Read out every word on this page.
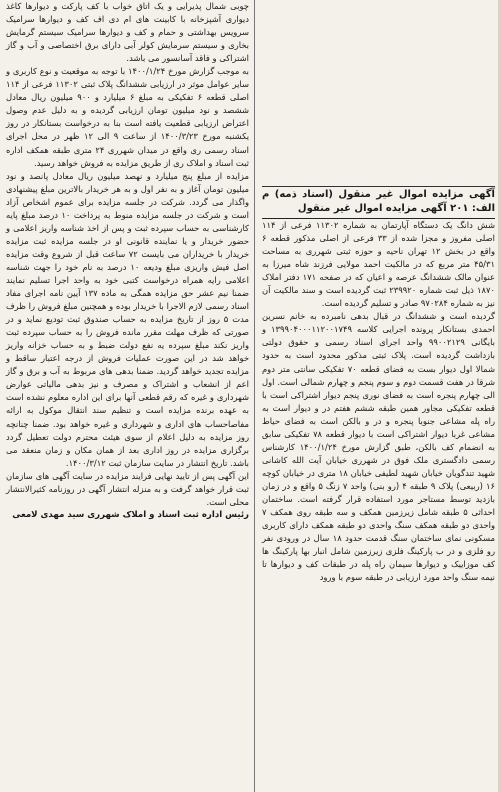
چوبی شمال پذیرایی و یک اتاق خواب با کف پارکت و دیوارها کاغذ دیواری آشپزخانه با کابینت های ام دی اف کف و دیوارها سرامیک سرویس بهداشتی و حمام و کف و دیوارها سرامیک سیستم گرمایش بخاری و سیستم سرمایش کولر آبی دارای برق اختصاصی و آب و گاز اشتراکی و فاقد آسانسور می باشد.

به موجب گزارش مورخ ۱۴۰۰/۱/۲۴ با توجه به موقعیت و نوع کاربری و سایر عوامل موثر در ارزیابی ششدانگ پلاک ثبتی ۱۱۳۰۲ فرعی از ۱۱۴ اصلی قطعه ۶ تفکیکی به مبلغ ۶ میلیارد و ۹۰۰ میلیون ریال معادل ششصد و نود میلیون تومان ارزیابی گردیده و به دلیل عدم وصول اعتراض ارزیابی قطعیت یافته است بنا به درخواست بستانکار در روز یکشنبه مورخ ۱۴۰۰/۳/۲۳ از ساعت ۹ الی ۱۲ ظهر در محل اجرای اسناد رسمی ری واقع در میدان شهرری ۲۴ متری طبقه همکف اداره ثبت اسناد و املاک ری از طریق مزایده به فروش خواهد رسید.

مزایده از مبلغ پنج میلیارد و نهصد میلیون ریال معادل پانصد و نود میلیون تومان آغاز و به نفر اول و به هر خریدار بالاترین مبلغ پیشنهادی واگذار می گردد. شرکت در جلسه مزایده برای عموم اشخاص آزاد است و شرکت در جلسه مزایده منوط به پرداخت ۱۰ درصد مبلغ پایه کارشناسی به حساب سپرده ثبت و پس از اخذ شناسه واریز اعلامی و حضور خریدار و یا نماینده قانونی او در جلسه مزایده ثبت مزایده خریدار با خریداران می بایست ۷۲ ساعت قبل از شروع وقت مزایده اصل فیش واریزی مبلغ ودیعه ۱۰ درصد به نام خود را جهت شناسه اعلامی رایه همراه درخواست کتبی خود به واحد اجرا تسلیم نمایند ضمنا نیم عشر حق مزایده همگی به ماده ۱۳۷ آیین نامه اجرای مفاد اسناد رسمی لازم الاجرا با خریدار بوده و همچنین مبلغ فروش را ظرف مدت ۵ روز از تاریخ مزایده به حساب صندوق ثبت تودیع نماید و در صورتی که ظرف مهلت مقرر مانده فروش را به حساب سپرده ثبت واریز نکند مبلغ سپرده یه نفع دولت ضبط و به حساب خزانه واریز خواهد شد در این صورت عملیات فروش از درجه اعتبار ساقط و مزایده تجدید خواهد گردید. ضمنا بدهی های مربوط به آب و برق و گاز اعم از انشعاب و اشتراک و مصرف و نیز بدهی مالیاتی عوارض شهرداری و غیره که رقم قطعی آنها برای این اداره معلوم نشده است به عهده برنده مزایده است و تنظیم سند انتقال موکول به ارائه مفاصاحساب های اداری و شهرداری و غیره خواهد بود. ضمنا چنانچه روز مزایده به دلیل اعلام از سوی هیئت محترم دولت تعطیل گردد برگزاری مزایده در روز اداری بعد از همان مکان و زمان منعقد می باشد. تاریخ انتشار در سایت سازمان ثبت ۱۴۰۰/۳/۱۲.

این آگهی پس از تایید نهایی فرایند مزایده در سایت آگهی های سازمان ثبت قرار خواهد گرفت و به منزله انتشار آگهی در روزنامه کثیرالانتشار محلی است.

رئیس اداره ثبت اسناد و املاک شهرری سید مهدی لامعی

آگهی مزایده اموال غیر منقول (اسناد ذمه) م الف: ۲۰۱ آگهی مزایده اموال غیر منقول

شش دانگ یک دستگاه آپارتمان به شماره ۱۱۳۰۲ فرعی از ۱۱۴ اصلی مفروز و مجزا شده از ۳۳ فرعی از اصلی مذکور قطعه ۶ واقع در بخش ۱۲ تهران ناحیه و حوزه ثبتی شهرری به مساحت ۴۵/۳۱ متر مربع که در مالکیت احمد مولایی فرزند شاه میرزا به عنوان مالک ششدانگ عرصه و اعیان که در صفحه ۱۷۱ دفتر املاک ۱۸۷۰ ذیل ثبت شماره ۲۳۹۹۲۰ ثبت گردیده است و سند مالکیت آن نیز به شماره ۹۷۰۲۸۴ صادر و تسلیم گردیده است.

گردیده است و ششدانگ در قبال بدهی نامبرده به خانم نسرین احمدی بستانکار پرونده اجرایی کلاسه ۱۳۹۹۰۴۰۰۰۱۱۲۰۰۱۷۴۹ و بایگانی ۹۹۰۰۲۱۲۹ واحد اجرای اسناد رسمی و حقوق دولتی بازداشت گردیده است. پلاک ثبتی مذکور محدود است به حدود شمالا اول دیوار بست به فضای قطعه ۷۰ تفکیکی سانتی متر دوم شرقا در هفت قسمت دوم و سوم پنجم و چهارم شمالی است. اول الی چهارم پنجره است به فضای نوری پنجم دیوار اشتراکی است با قطعه تفکیکی مجاور همین طبقه ششم هفتم در و دیوار است به راه پله مشاعی جنوبا پنجره و در و بالکن است به فضای حیاط مشاعی غربا دیوار اشتراکی است با دیوار قطعه ۷۸ تفکیکی سابق به انضمام کف بالکن، طبق گزارش مورخ ۱۴۰۰/۱/۲۴ کارشناس رسمی دادگستری ملک فوق در شهرری خیابان آیت الله کاشانی شهید تندگویان خیابان شهید لطیفی خیابان ۱۸ متری در خیابان کوچه ۱۶ (ربیعی) پلاک ۹ طبقه ۴ (رو بنی) واحد ۷ زنگ ۵ واقع و در زمان بازدید توسط مستاجر مورد استفاده قرار گرفته است. ساختمان احداثی ۵ طبقه شامل زیرزمین همکف و سه طبقه روی همکف ۷ واحدی دو طبقه همکف سنگ واحدی دو طبقه همکف دارای کاربری مسکونی نمای ساختمان سنگ قدمت حدود ۱۸ سال در ورودی نفر رو فلزی و در ب پارکینگ فلزی زیرزمین شامل انبار بها پارکینگ ها کف موزاییک و دیوارها سیمان راه پله در طبقات کف و دیوارها تا نیمه سنگ واحد مورد ارزیابی در طبقه سوم با ورود
